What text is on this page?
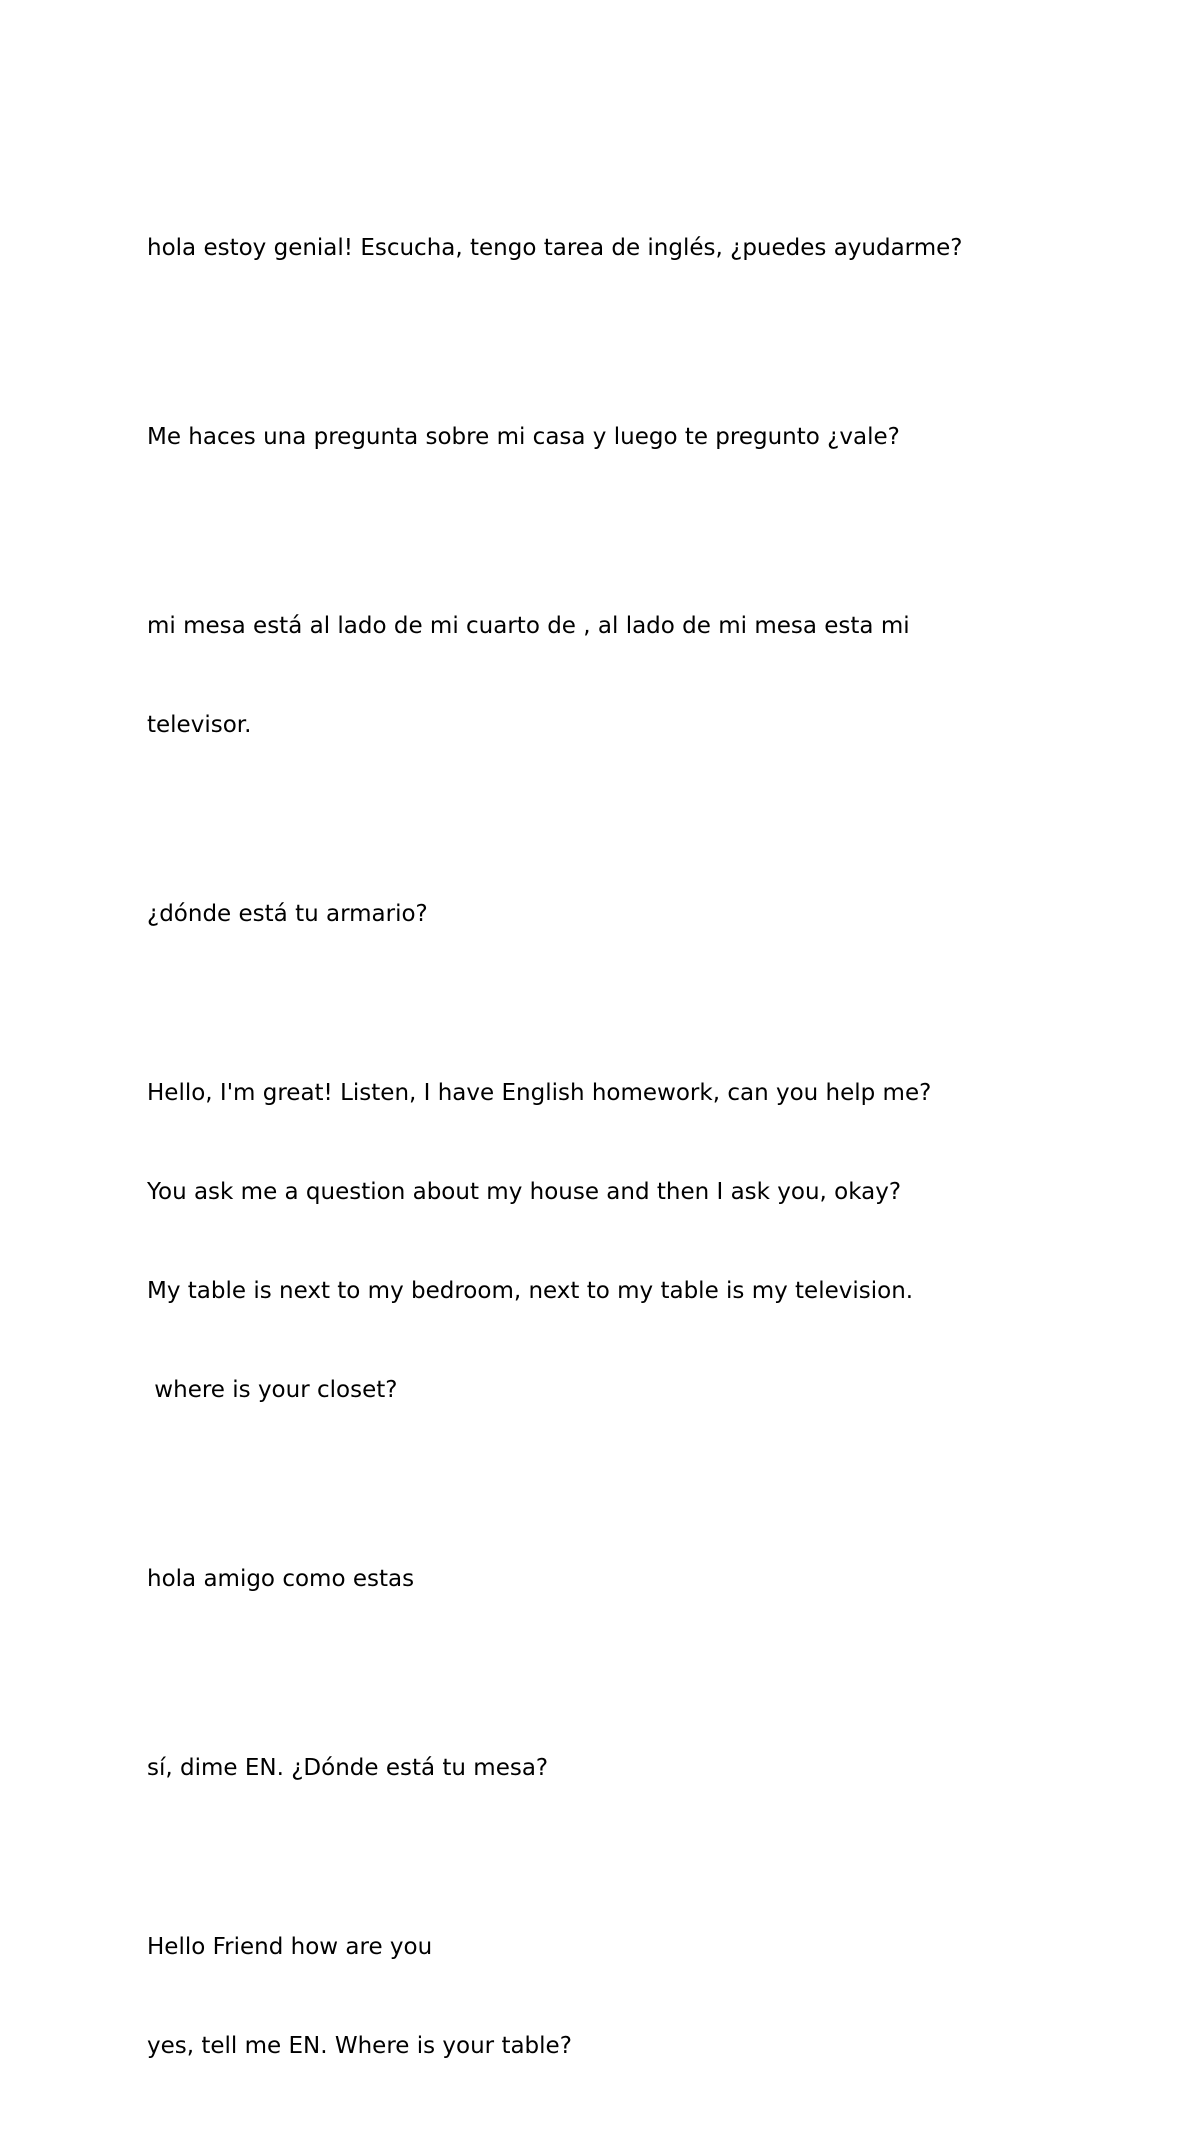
hola estoy genial! Escucha, tengo tarea de inglés, ¿puedes ayudarme?

Me haces una pregunta sobre mi casa y luego te pregunto ¿vale?

mi mesa está al lado de mi cuarto de , al lado de mi mesa esta mi

televisor.

¿dónde está tu armario?

Hello, I'm great! Listen, I have English homework, can you help me?

You ask me a question about my house and then I ask you, okay?

My table is next to my bedroom, next to my table is my television.

where is your closet?

hola amigo como estas

sí, dime EN. ¿Dónde está tu mesa?

Hello Friend how are you

yes, tell me EN. Where is your table?
